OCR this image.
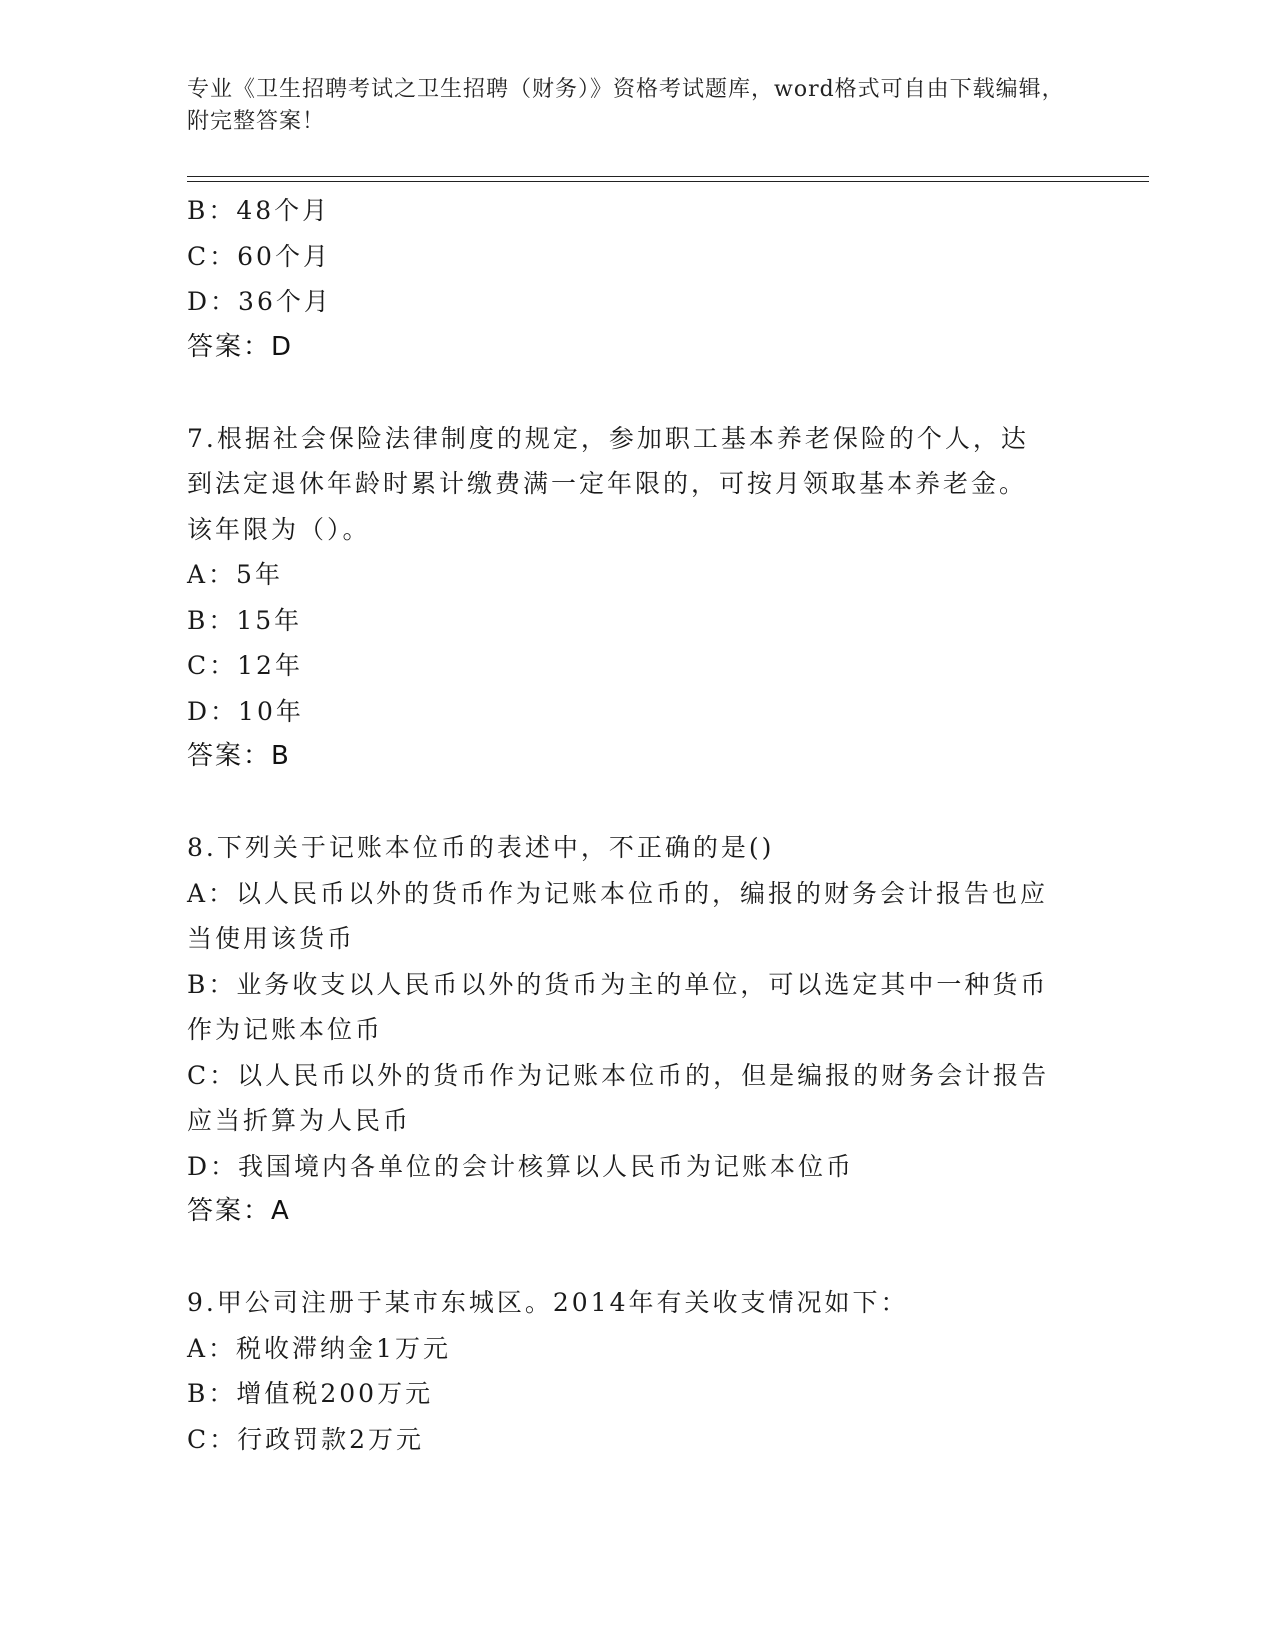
专业《卫生招聘考试之卫生招聘（财务）》资格考试题库，word格式可自由下载编辑，附完整答案！
B：48个月
C：60个月
D：36个月
答案：D
7.根据社会保险法律制度的规定，参加职工基本养老保险的个人，达
到法定退休年龄时累计缴费满一定年限的，可按月领取基本养老金。
该年限为（）。
A：5年
B：15年
C：12年
D：10年
答案：B
8.下列关于记账本位币的表述中，不正确的是()
A：以人民币以外的货币作为记账本位币的，编报的财务会计报告也应
当使用该货币
B：业务收支以人民币以外的货币为主的单位，可以选定其中一种货币
作为记账本位币
C：以人民币以外的货币作为记账本位币的，但是编报的财务会计报告
应当折算为人民币
D：我国境内各单位的会计核算以人民币为记账本位币
答案：A
9.甲公司注册于某市东城区。2014年有关收支情况如下：
A：税收滞纳金1万元
B：增值税200万元
C：行政罚款2万元
